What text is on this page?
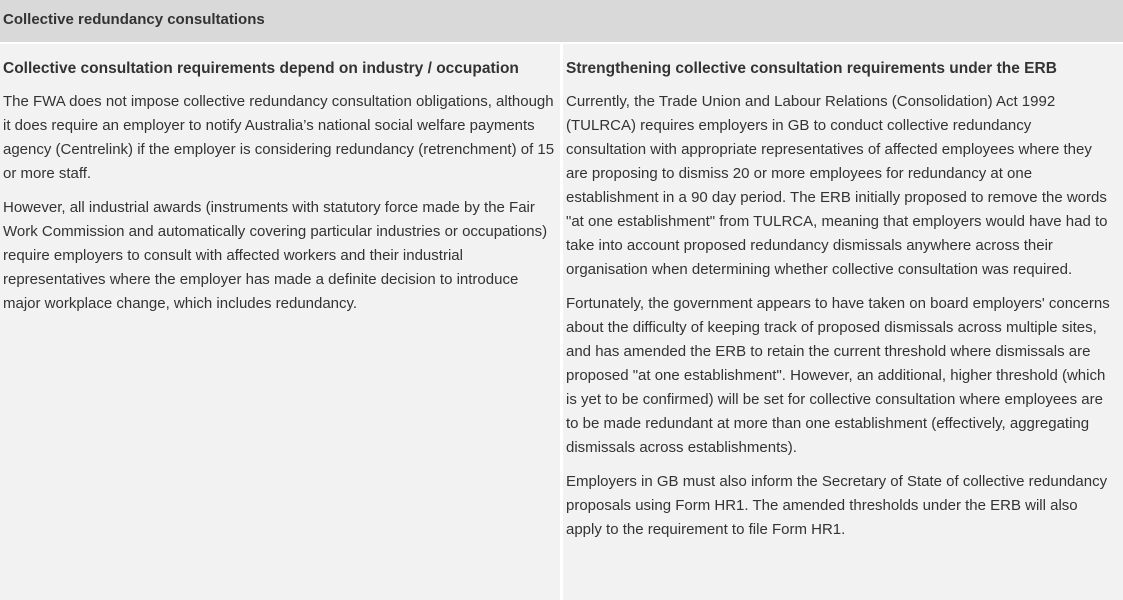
Collective redundancy consultations
Collective consultation requirements depend on industry / occupation

The FWA does not impose collective redundancy consultation obligations, although it does require an employer to notify Australia’s national social welfare payments agency (Centrelink) if the employer is considering redundancy (retrenchment) of 15 or more staff.

However, all industrial awards (instruments with statutory force made by the Fair Work Commission and automatically covering particular industries or occupations) require employers to consult with affected workers and their industrial representatives where the employer has made a definite decision to introduce major workplace change, which includes redundancy.

Strengthening collective consultation requirements under the ERB

Currently, the Trade Union and Labour Relations (Consolidation) Act 1992 (TULRCA) requires employers in GB to conduct collective redundancy consultation with appropriate representatives of affected employees where they are proposing to dismiss 20 or more employees for redundancy at one establishment in a 90 day period. The ERB initially proposed to remove the words "at one establishment" from TULRCA, meaning that employers would have had to take into account proposed redundancy dismissals anywhere across their organisation when determining whether collective consultation was required.

Fortunately, the government appears to have taken on board employers' concerns about the difficulty of keeping track of proposed dismissals across multiple sites, and has amended the ERB to retain the current threshold where dismissals are proposed "at one establishment". However, an additional, higher threshold (which is yet to be confirmed) will be set for collective consultation where employees are to be made redundant at more than one establishment (effectively, aggregating dismissals across establishments).

Employers in GB must also inform the Secretary of State of collective redundancy proposals using Form HR1. The amended thresholds under the ERB will also apply to the requirement to file Form HR1.
